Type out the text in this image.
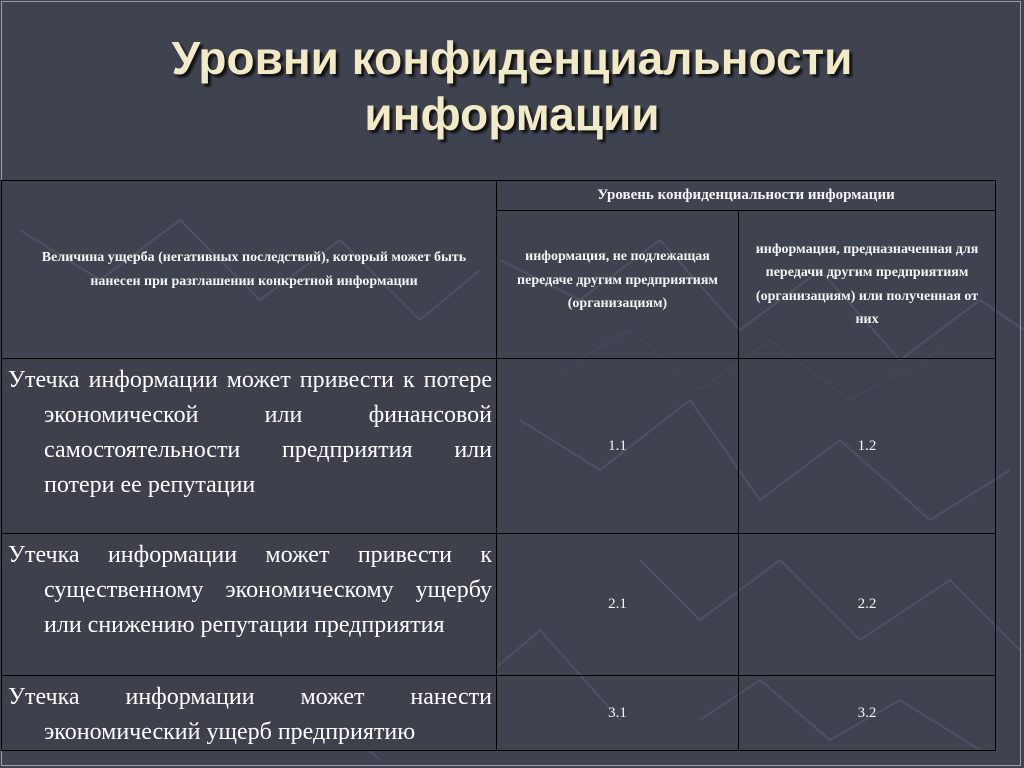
Уровни конфиденциальности
информации
Величина ущерба (негативных последствий), который может быть нанесен при разглашении конкретной информации	Уровень конфиденциальности информации	

	информация, не подлежащая передаче другим предприятиям (организациям)	информация, предназначенная для передачи другим предприятиям (организациям) или полученная от них

Утечка информации может привести к потере экономической или финансовой самостоятельности предприятия или потери ее репутации	1.1	1.2

Утечка информации может привести к существенному экономическому ущербу или снижению репутации предприятия	2.1	2.2

Утечка информации может нанести экономический ущерб предприятию	3.1	3.2
